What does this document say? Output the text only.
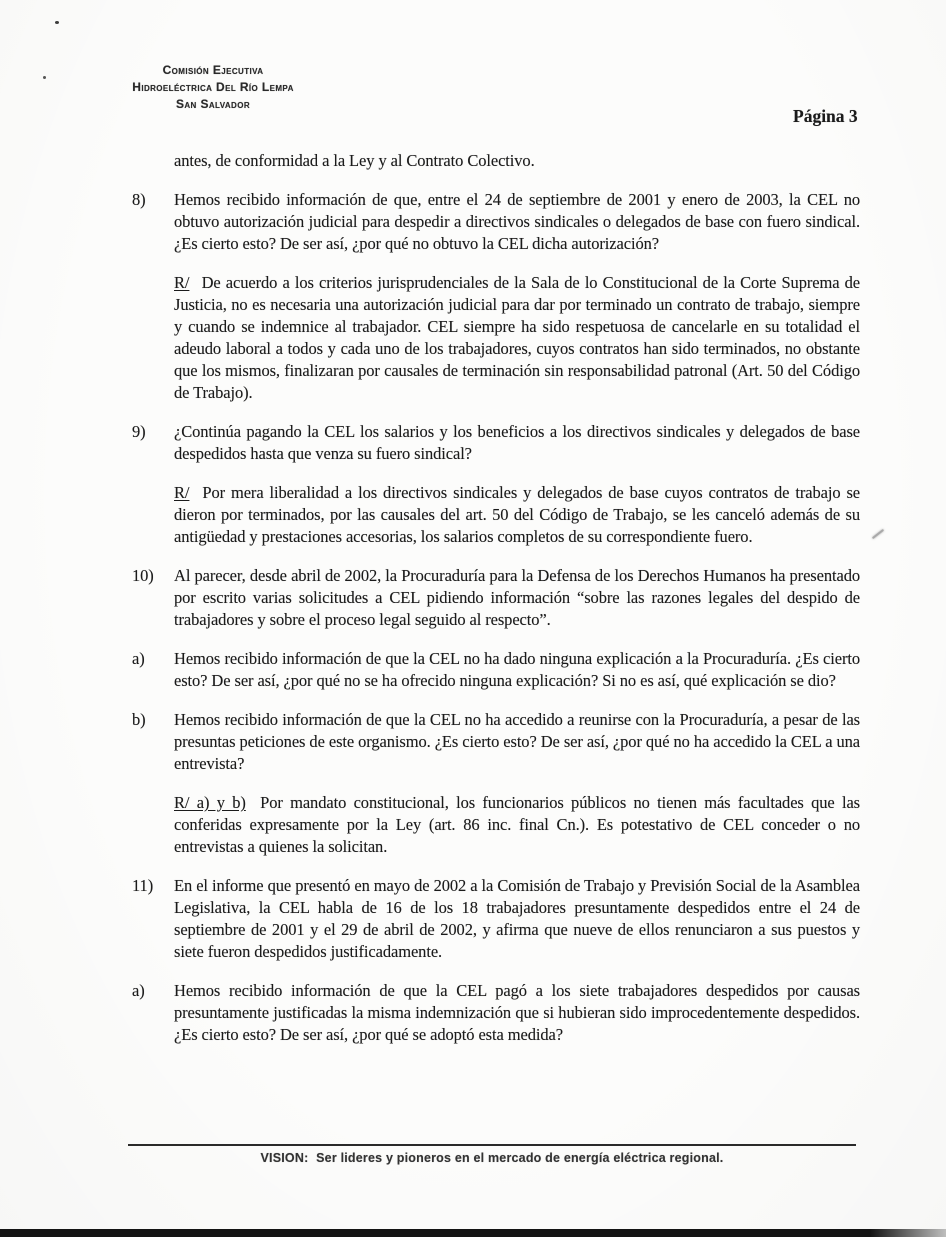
Comisión Ejecutiva
Hidroeléctrica Del Río Lempa
San Salvador
Página 3
antes, de conformidad a la Ley y al Contrato Colectivo.
8)	Hemos recibido información de que, entre el 24 de septiembre de 2001 y enero de 2003, la CEL no obtuvo autorización judicial para despedir a directivos sindicales o delegados de base con fuero sindical. ¿Es cierto esto? De ser así, ¿por qué no obtuvo la CEL dicha autorización?
R/ De acuerdo a los criterios jurisprudenciales de la Sala de lo Constitucional de la Corte Suprema de Justicia, no es necesaria una autorización judicial para dar por terminado un contrato de trabajo, siempre y cuando se indemnice al trabajador. CEL siempre ha sido respetuosa de cancelarle en su totalidad el adeudo laboral a todos y cada uno de los trabajadores, cuyos contratos han sido terminados, no obstante que los mismos, finalizaran por causales de terminación sin responsabilidad patronal (Art. 50 del Código de Trabajo).
9)	¿Continúa pagando la CEL los salarios y los beneficios a los directivos sindicales y delegados de base despedidos hasta que venza su fuero sindical?
R/ Por mera liberalidad a los directivos sindicales y delegados de base cuyos contratos de trabajo se dieron por terminados, por las causales del art. 50 del Código de Trabajo, se les canceló además de su antigüedad y prestaciones accesorias, los salarios completos de su correspondiente fuero.
10)	Al parecer, desde abril de 2002, la Procuraduría para la Defensa de los Derechos Humanos ha presentado por escrito varias solicitudes a CEL pidiendo información “sobre las razones legales del despido de trabajadores y sobre el proceso legal seguido al respecto”.
a)	Hemos recibido información de que la CEL no ha dado ninguna explicación a la Procuraduría. ¿Es cierto esto? De ser así, ¿por qué no se ha ofrecido ninguna explicación? Si no es así, qué explicación se dio?
b)	Hemos recibido información de que la CEL no ha accedido a reunirse con la Procuraduría, a pesar de las presuntas peticiones de este organismo. ¿Es cierto esto? De ser así, ¿por qué no ha accedido la CEL a una entrevista?
R/ a) y b) Por mandato constitucional, los funcionarios públicos no tienen más facultades que las conferidas expresamente por la Ley (art. 86 inc. final Cn.). Es potestativo de CEL conceder o no entrevistas a quienes la solicitan.
11)	En el informe que presentó en mayo de 2002 a la Comisión de Trabajo y Previsión Social de la Asamblea Legislativa, la CEL habla de 16 de los 18 trabajadores presuntamente despedidos entre el 24 de septiembre de 2001 y el 29 de abril de 2002, y afirma que nueve de ellos renunciaron a sus puestos y siete fueron despedidos justificadamente.
a)	Hemos recibido información de que la CEL pagó a los siete trabajadores despedidos por causas presuntamente justificadas la misma indemnización que si hubieran sido improcedentemente despedidos. ¿Es cierto esto? De ser así, ¿por qué se adoptó esta medida?
VISION: Ser lideres y pioneros en el mercado de energía eléctrica regional.
